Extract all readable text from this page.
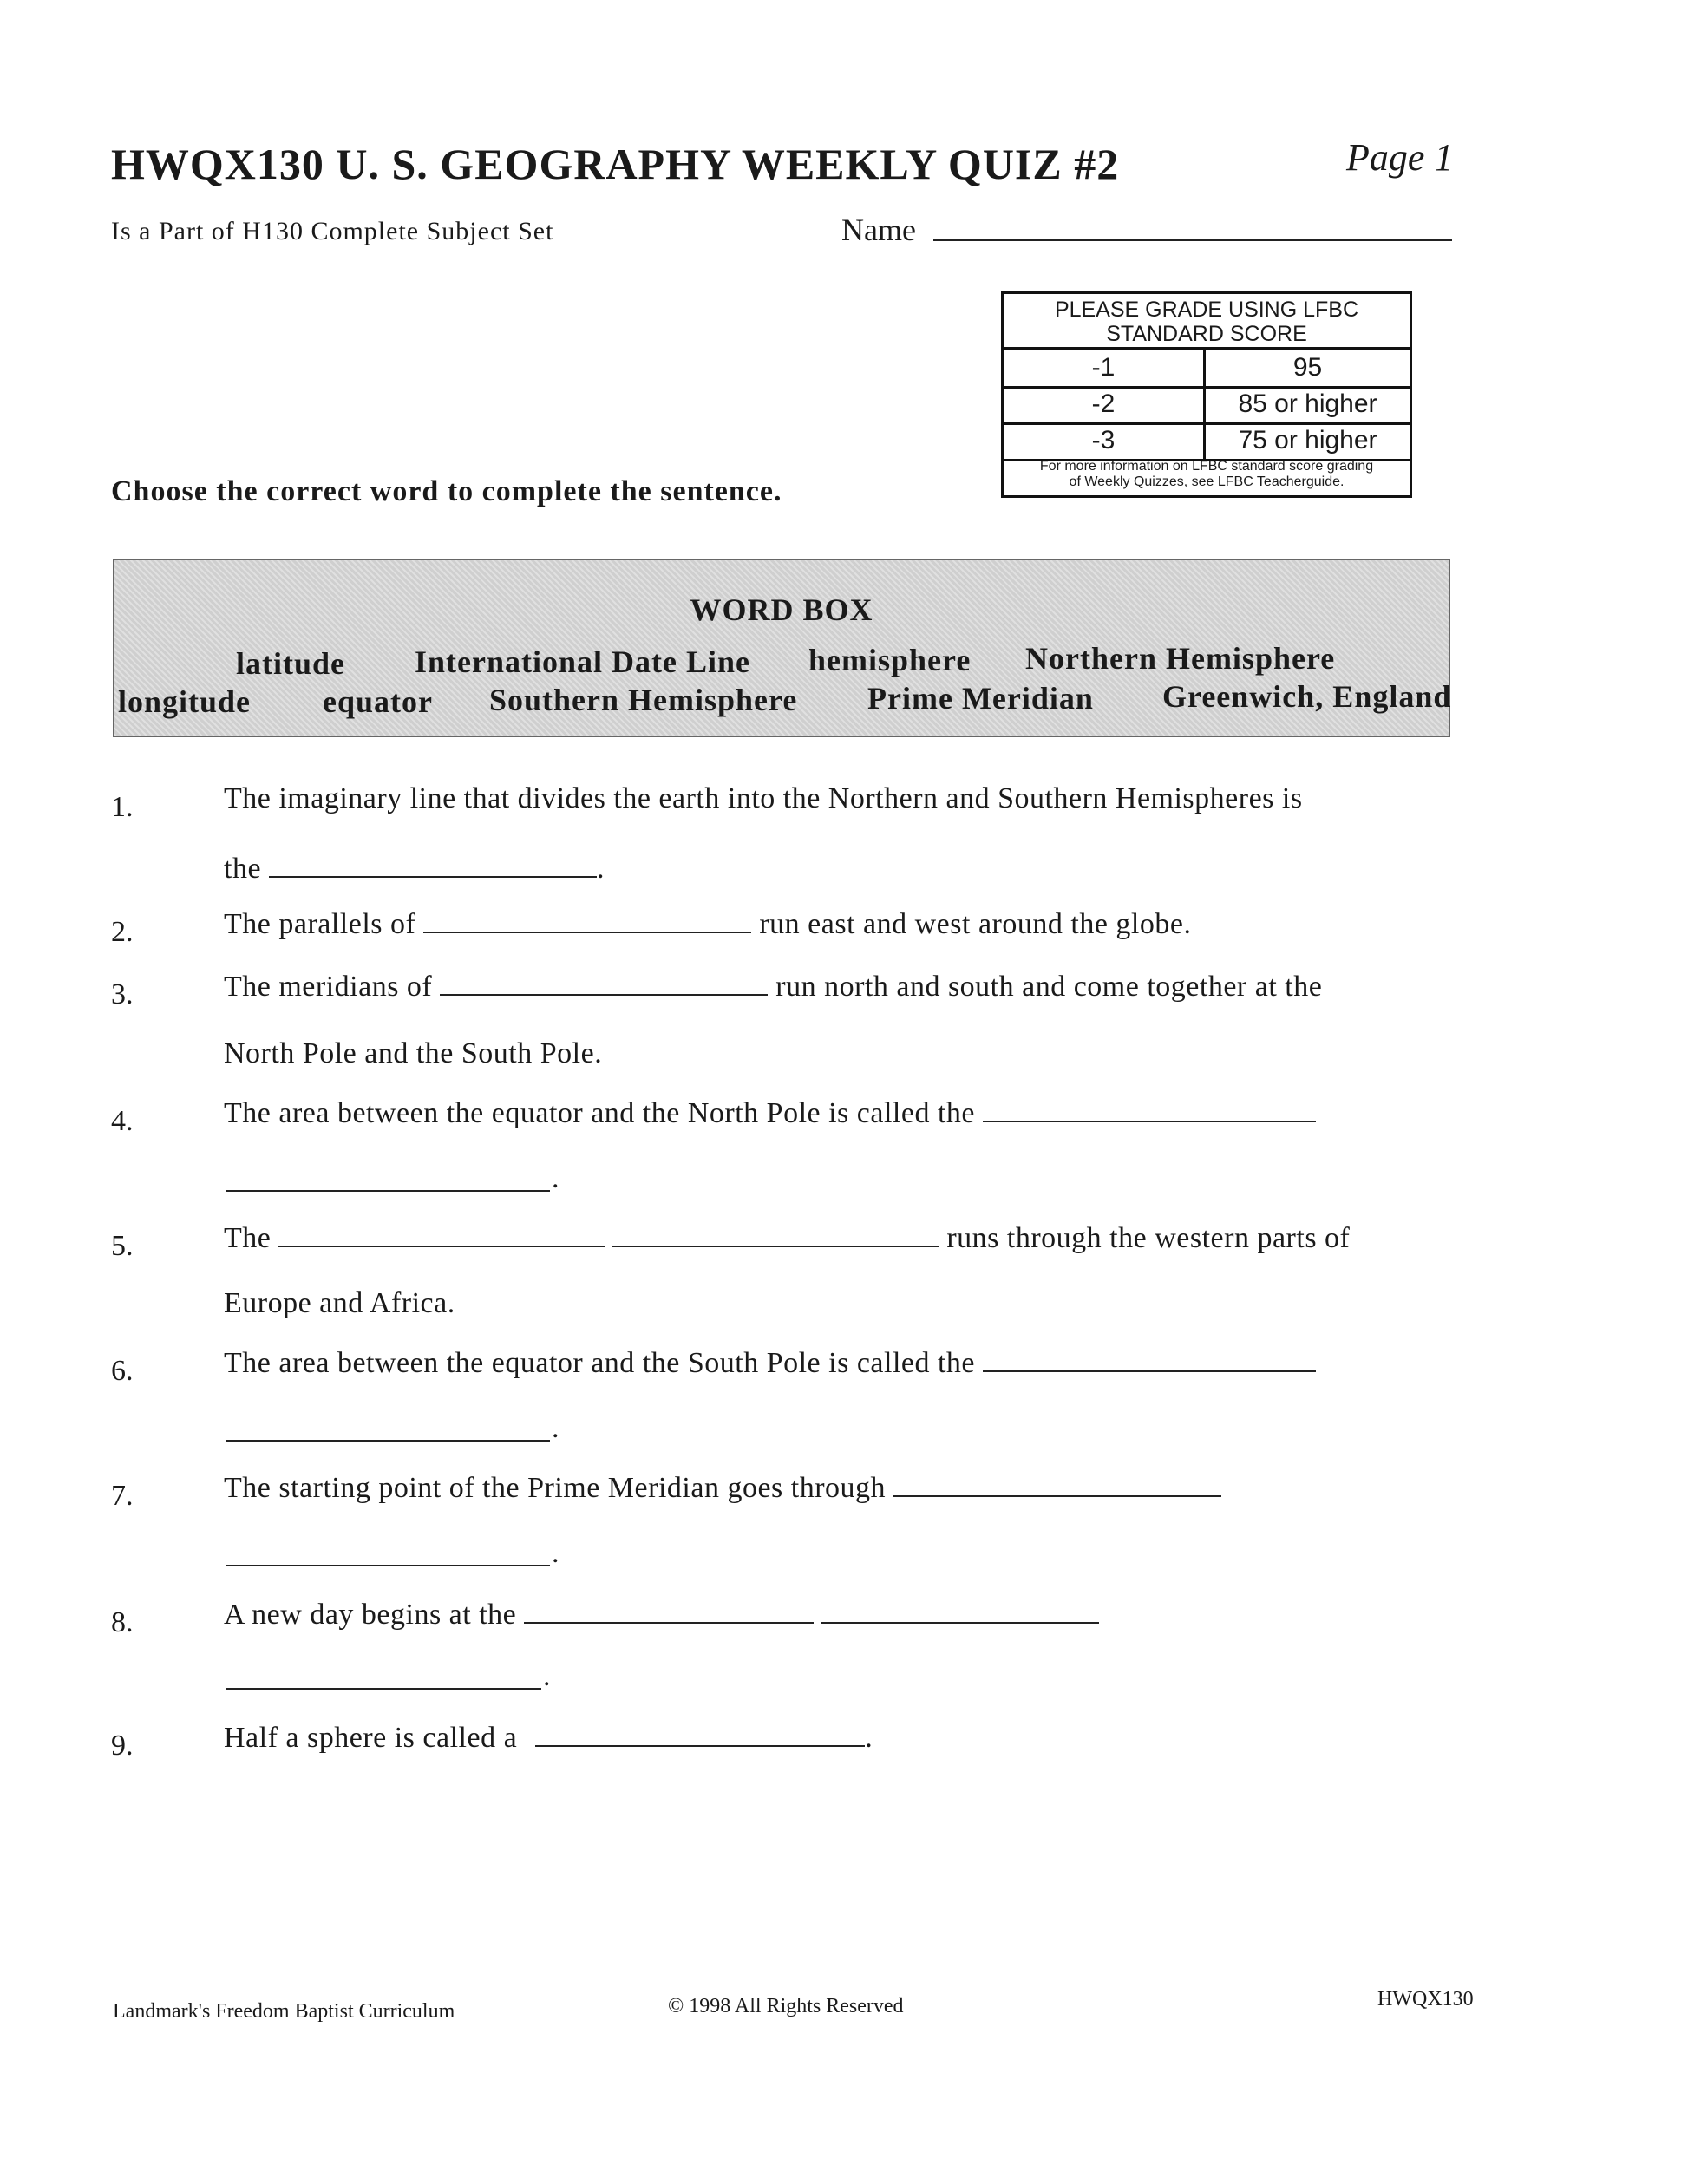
HWQX130 U. S. GEOGRAPHY WEEKLY QUIZ #2	Page 1
Is a Part of H130 Complete Subject Set	Name
PLEASE GRADE USING LFBC
STANDARD SCORE
-1	95
-2	85 or higher
-3	75 or higher
For more information on LFBC standard score grading
of Weekly Quizzes, see LFBC Teacherguide.
Choose the correct word to complete the sentence.
WORD BOX
latitude International Date Line hemisphere Northern Hemisphere
longitude equator Southern Hemisphere Prime Meridian Greenwich, England
1.	The imaginary line that divides the earth into the Northern and Southern Hemispheres is
the	.
2.	The parallels of	run east and west around the globe.
3.	The meridians of	run north and south and come together at the
North Pole and the South Pole.
4.	The area between the equator and the North Pole is called the
.
5.	The	runs through the western parts of
Europe and Africa.
6.	The area between the equator and the South Pole is called the
.
7.	The starting point of the Prime Meridian goes through
.
8.	A new day begins at the
.
9.	Half a sphere is called a	.
Landmark's Freedom Baptist Curriculum	© 1998 All Rights Reserved	HWQX130
